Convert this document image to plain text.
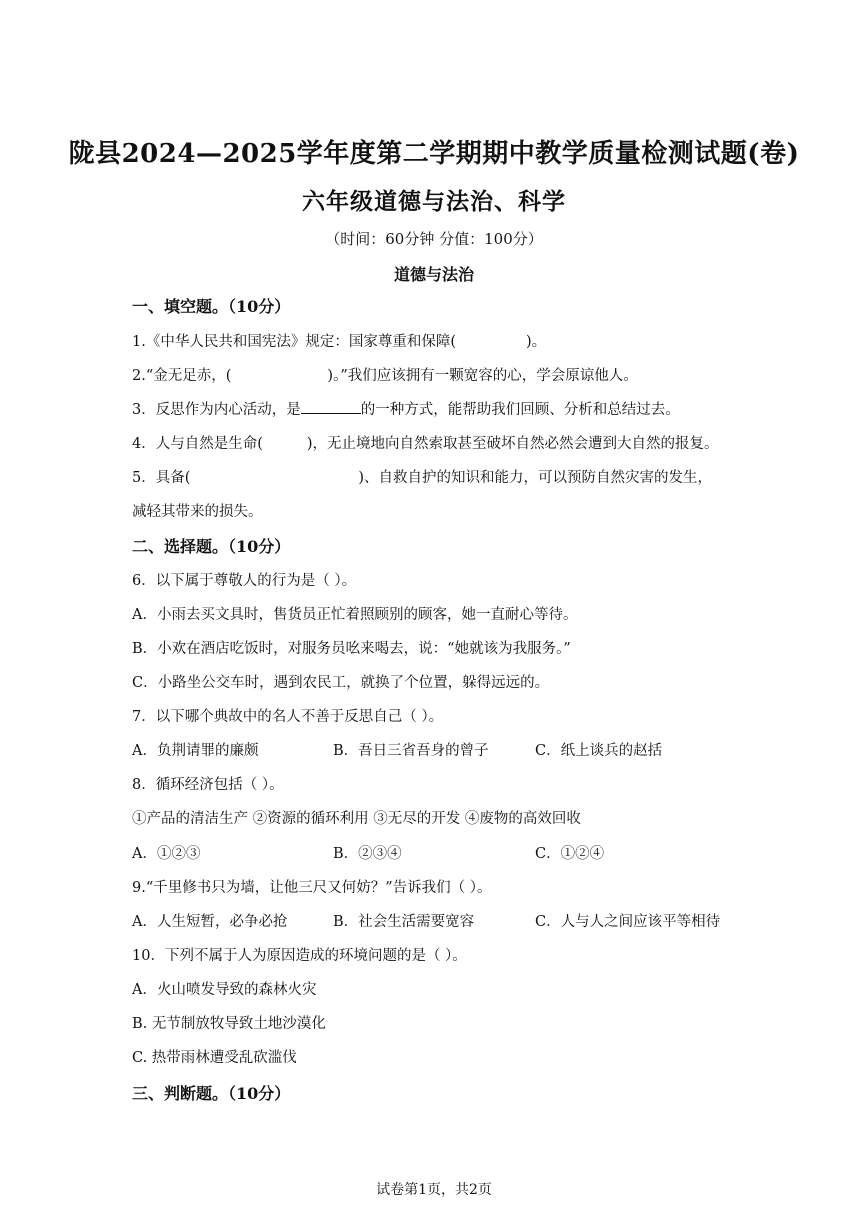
陇县2024—2025学年度第二学期期中教学质量检测试题(卷)
六年级道德与法治、科学
（时间：60分钟 分值：100分）
道德与法治
一、填空题。（10分）
1.《中华人民共和国宪法》规定：国家尊重和保障(	)。
2.“金无足赤，(	)。”我们应该拥有一颗宽容的心，学会原谅他人。
3．反思作为内心活动，是	的一种方式，能帮助我们回顾、分析和总结过去。
4．人与自然是生命(	)，无止境地向自然索取甚至破坏自然必然会遭到大自然的报复。
5．具备(	)、自救自护的知识和能力，可以预防自然灾害的发生，
减轻其带来的损失。
二、选择题。（10分）
6．以下属于尊敬人的行为是（ ）。
A．小雨去买文具时，售货员正忙着照顾别的顾客，她一直耐心等待。
B．小欢在酒店吃饭时，对服务员吆来喝去，说：“她就该为我服务。”
C．小路坐公交车时，遇到农民工，就换了个位置，躲得远远的。
7．以下哪个典故中的名人不善于反思自己（ ）。
A．负荆请罪的廉颇	B．吾日三省吾身的曾子	C．纸上谈兵的赵括
8．循环经济包括（ ）。
①产品的清洁生产 ②资源的循环利用 ③无尽的开发 ④废物的高效回收
A．①②③	B．②③④	C．①②④
9.“千里修书只为墙，让他三尺又何妨？”告诉我们（ ）。
A．人生短暂，必争必抢	B．社会生活需要宽容	C．人与人之间应该平等相待
10．下列不属于人为原因造成的环境问题的是（ ）。
A．火山喷发导致的森林火灾
B. 无节制放牧导致土地沙漠化
C. 热带雨林遭受乱砍滥伐
三、判断题。（10分）
试卷第1页，共2页
